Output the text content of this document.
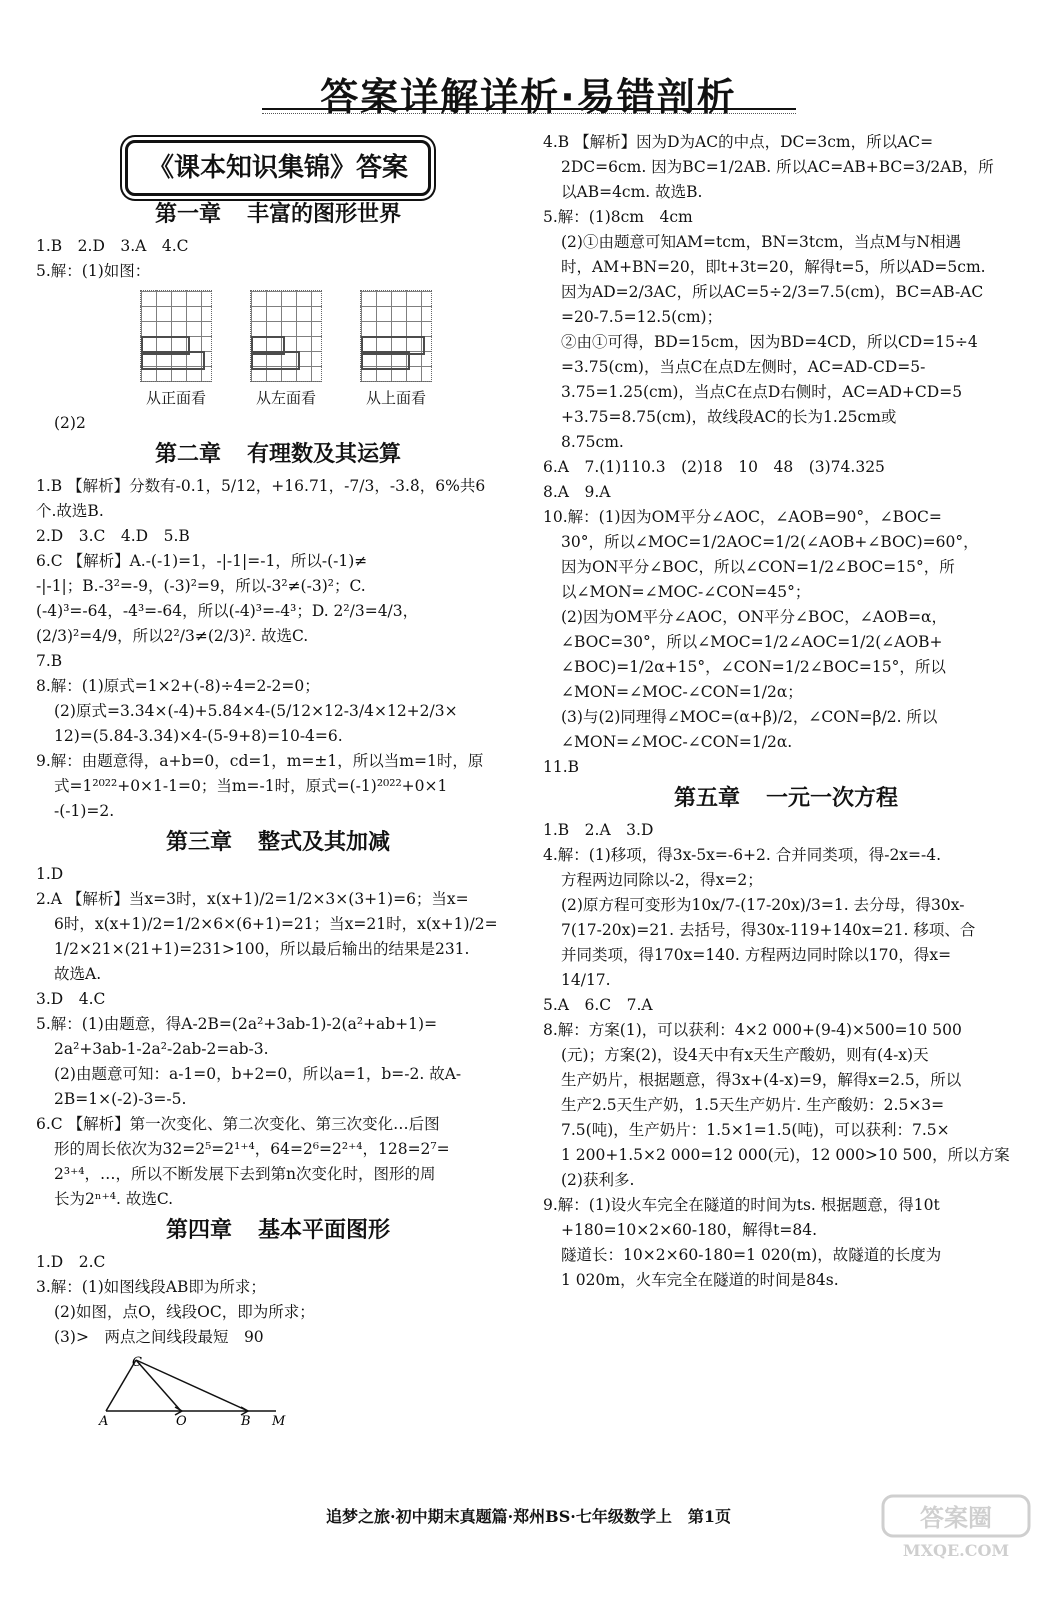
答案详解详析·易错剖析
《课本知识集锦》答案
第一章 丰富的图形世界

1.B　2.D　3.A　4.C

5.解：(1)如图：

从正面看	从左面看	从上面看

(2)2

第二章 有理数及其运算

1.B 【解析】分数有-0.1，5/12，+16.71，-7/3，-3.8̇，6%共6

个.故选B.

2.D　3.C　4.D　5.B

6.C 【解析】A.-(-1)=1，-|-1|=-1，所以-(-1)≠

-|-1|；B.-3²=-9，(-3)²=9，所以-3²≠(-3)²；C.

(-4)³=-64，-4³=-64，所以(-4)³=-4³；D. 2²/3=4/3，

(2/3)²=4/9，所以2²/3≠(2/3)². 故选C.

7.B

8.解：(1)原式=1×2+(-8)÷4=2-2=0；

(2)原式=3.34×(-4)+5.84×4-(5/12×12-3/4×12+2/3×

12)=(5.84-3.34)×4-(5-9+8)=10-4=6.

9.解：由题意得，a+b=0，cd=1，m=±1，所以当m=1时，原

式=1²⁰²²+0×1-1=0；当m=-1时，原式=(-1)²⁰²²+0×1

-(-1)=2.

第三章 整式及其加减

1.D

2.A 【解析】当x=3时，x(x+1)/2=1/2×3×(3+1)=6；当x=

6时，x(x+1)/2=1/2×6×(6+1)=21；当x=21时，x(x+1)/2=

1/2×21×(21+1)=231>100，所以最后输出的结果是231.

故选A.

3.D　4.C

5.解：(1)由题意，得A-2B=(2a²+3ab-1)-2(a²+ab+1)=

2a²+3ab-1-2a²-2ab-2=ab-3.

(2)由题意可知：a-1=0，b+2=0，所以a=1，b=-2. 故A-

2B=1×(-2)-3=-5.

6.C 【解析】第一次变化、第二次变化、第三次变化…后图

形的周长依次为32=2⁵=2¹⁺⁴，64=2⁶=2²⁺⁴，128=2⁷=

2³⁺⁴，…，所以不断发展下去到第n次变化时，图形的周

长为2ⁿ⁺⁴. 故选C.

第四章 基本平面图形

1.D　2.C

3.解：(1)如图线段AB即为所求；

(2)如图，点O，线段OC，即为所求；

(3)>　两点之间线段最短　90

C
A	O	B M

4.B 【解析】因为D为AC的中点，DC=3cm，所以AC=

2DC=6cm. 因为BC=1/2AB. 所以AC=AB+BC=3/2AB，所

以AB=4cm. 故选B.

5.解：(1)8cm　4cm

(2)①由题意可知AM=tcm，BN=3tcm，当点M与N相遇

时，AM+BN=20，即t+3t=20，解得t=5，所以AD=5cm.

因为AD=2/3AC，所以AC=5÷2/3=7.5(cm)，BC=AB-AC

=20-7.5=12.5(cm)；

②由①可得，BD=15cm，因为BD=4CD，所以CD=15÷4

=3.75(cm)，当点C在点D左侧时，AC=AD-CD=5-

3.75=1.25(cm)，当点C在点D右侧时，AC=AD+CD=5

+3.75=8.75(cm)，故线段AC的长为1.25cm或

8.75cm.

6.A　7.(1)110.3　(2)18　10　48　(3)74.325

8.A　9.A

10.解：(1)因为OM平分∠AOC，∠AOB=90°，∠BOC=

30°，所以∠MOC=1/2AOC=1/2(∠AOB+∠BOC)=60°，

因为ON平分∠BOC，所以∠CON=1/2∠BOC=15°，所

以∠MON=∠MOC-∠CON=45°；

(2)因为OM平分∠AOC，ON平分∠BOC，∠AOB=α，

∠BOC=30°，所以∠MOC=1/2∠AOC=1/2(∠AOB+

∠BOC)=1/2α+15°，∠CON=1/2∠BOC=15°，所以

∠MON=∠MOC-∠CON=1/2α；

(3)与(2)同理得∠MOC=(α+β)/2，∠CON=β/2. 所以

∠MON=∠MOC-∠CON=1/2α.

11.B

第五章 一元一次方程

1.B　2.A　3.D

4.解：(1)移项，得3x-5x=-6+2. 合并同类项，得-2x=-4.

方程两边同除以-2，得x=2；

(2)原方程可变形为10x/7-(17-20x)/3=1. 去分母，得30x-

7(17-20x)=21. 去括号，得30x-119+140x=21. 移项、合

并同类项，得170x=140. 方程两边同时除以170，得x=

14/17.

5.A　6.C　7.A

8.解：方案(1)，可以获利：4×2 000+(9-4)×500=10 500

(元)；方案(2)，设4天中有x天生产酸奶，则有(4-x)天

生产奶片，根据题意，得3x+(4-x)=9，解得x=2.5，所以

生产2.5天生产奶，1.5天生产奶片. 生产酸奶：2.5×3=

7.5(吨)，生产奶片：1.5×1=1.5(吨)，可以获利：7.5×

1 200+1.5×2 000=12 000(元)，12 000>10 500，所以方案

(2)获利多.

9.解：(1)设火车完全在隧道的时间为ts. 根据题意，得10t

+180=10×2×60-180，解得t=84.

隧道长：10×2×60-180=1 020(m)，故隧道的长度为

1 020m，火车完全在隧道的时间是84s.

追梦之旅·初中期末真题篇·郑州BS·七年级数学上　第1页	答案圈
MXQE.COM
